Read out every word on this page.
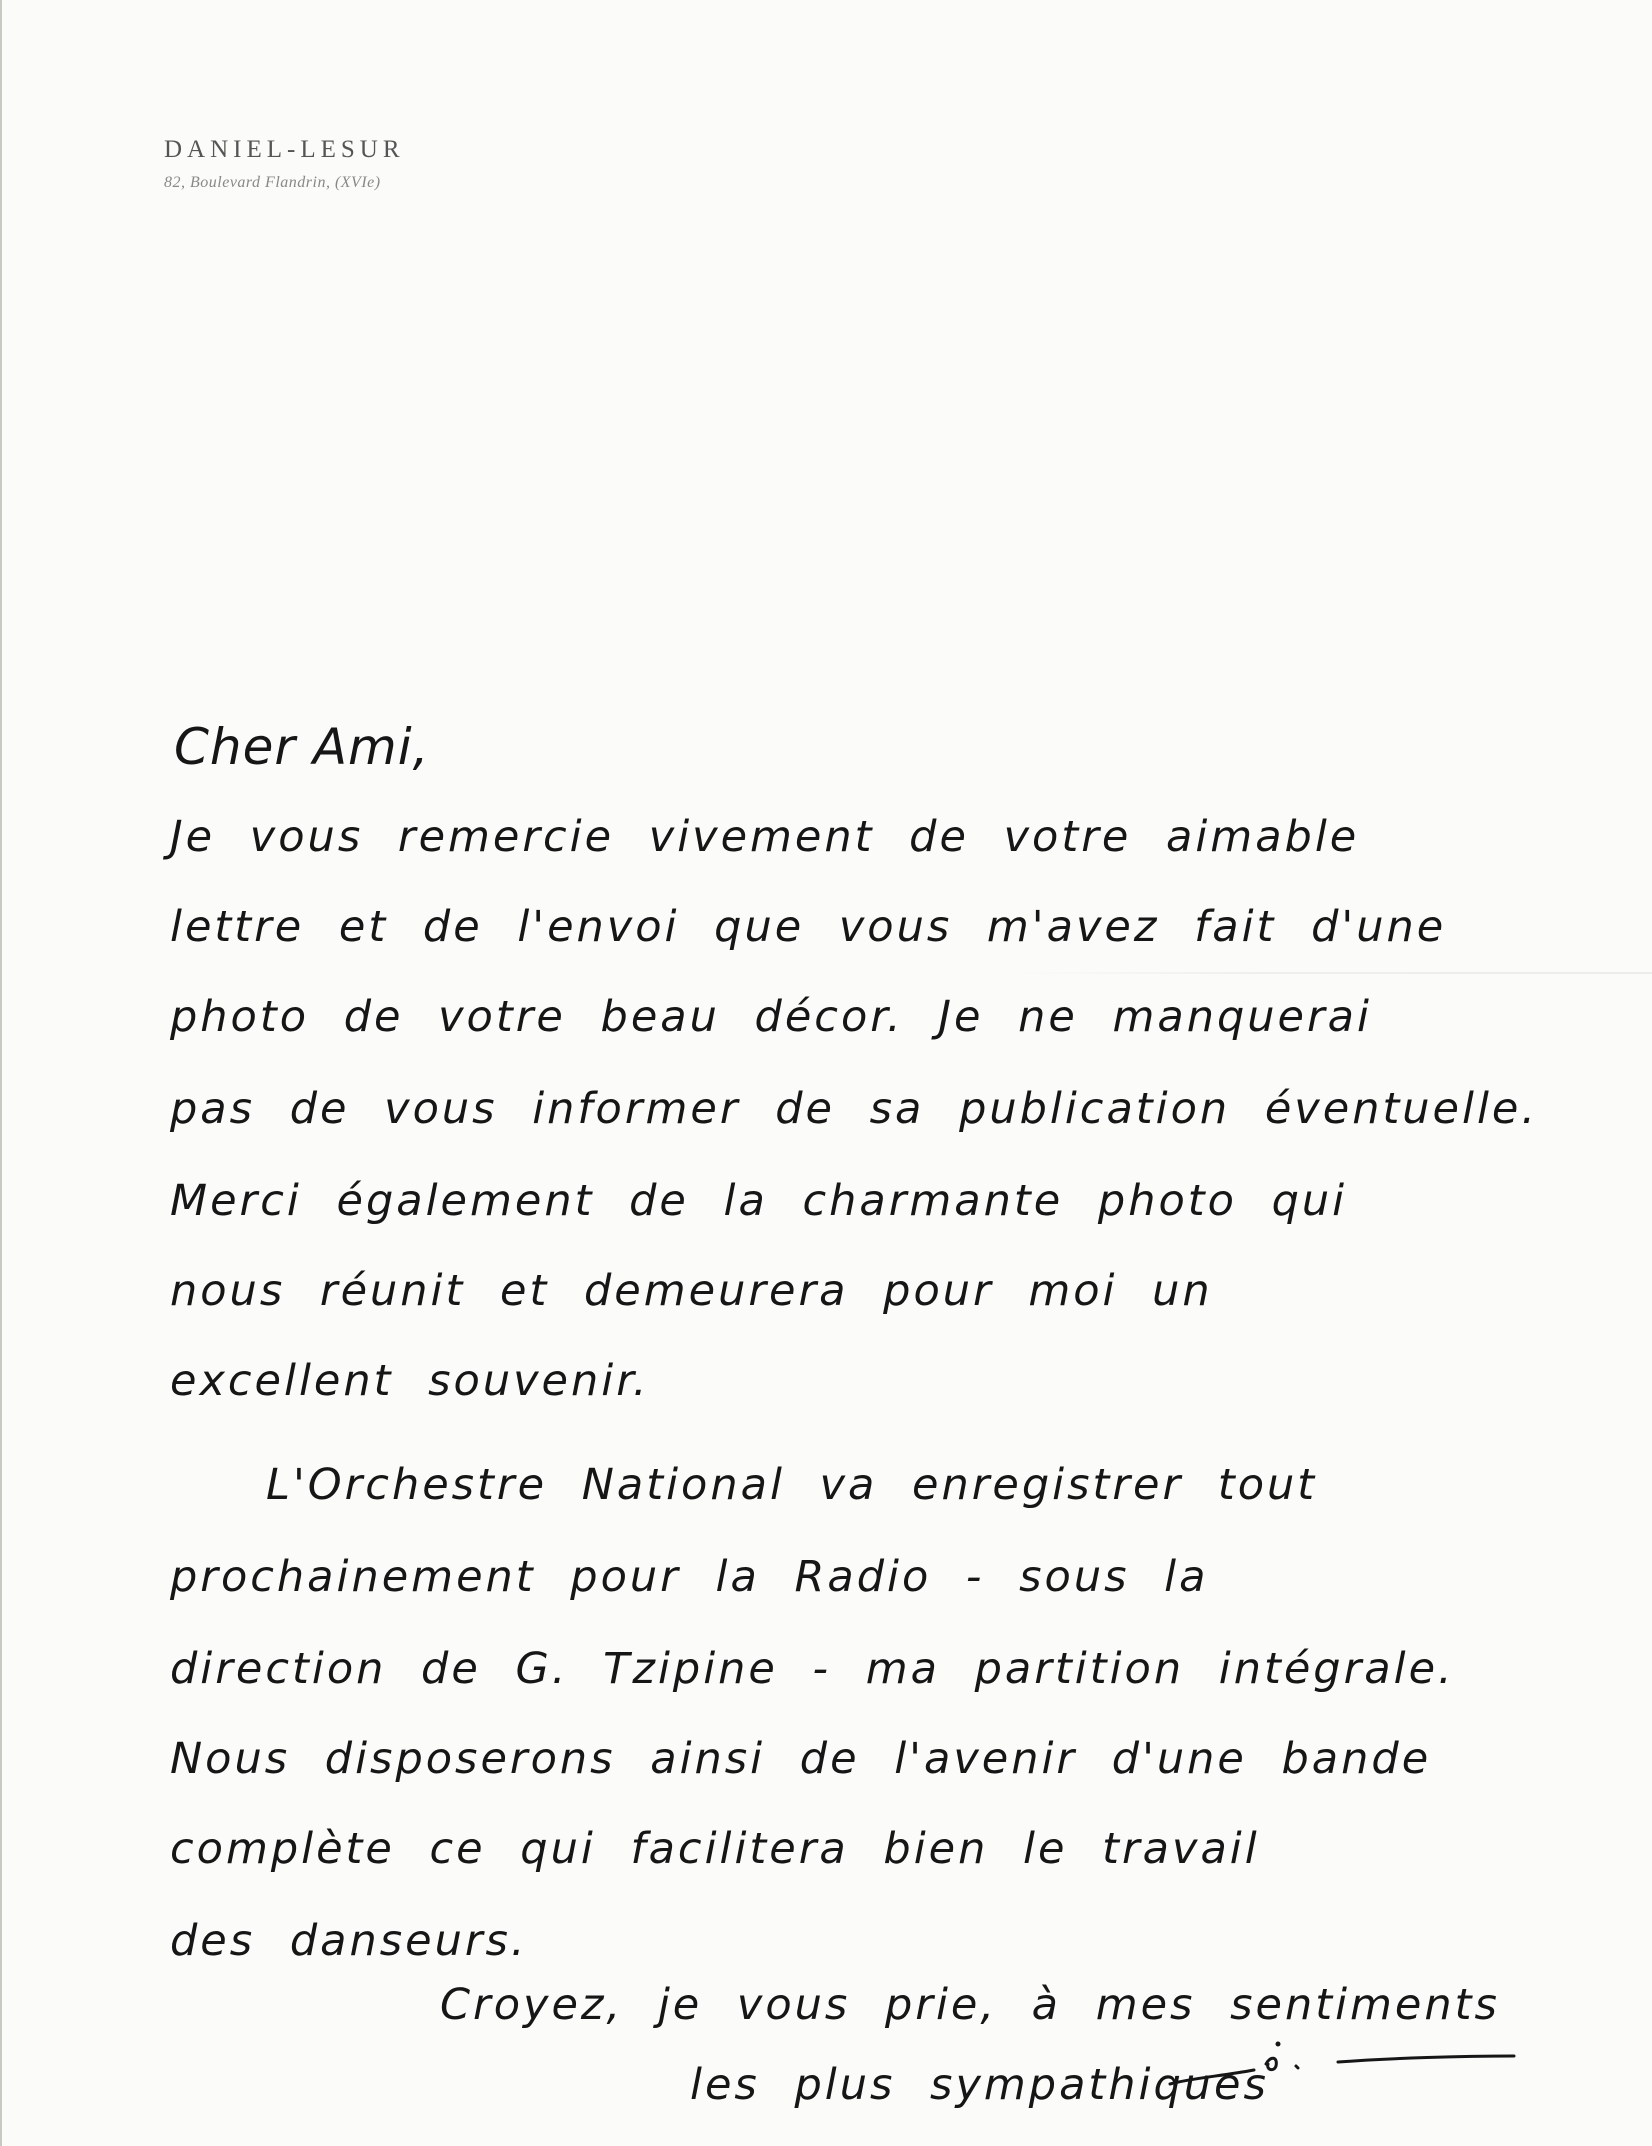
DANIEL-LESUR
82, Boulevard Flandrin, (XVIe)
Cher Ami,
Je vous remercie vivement de votre aimable
lettre et de l'envoi que vous m'avez fait d'une
photo de votre beau décor. Je ne manquerai
pas de vous informer de sa publication éventuelle.
Merci également de la charmante photo qui
nous réunit et demeurera pour moi un
excellent souvenir.
L'Orchestre National va enregistrer tout
prochainement pour la Radio - sous la
direction de G. Tzipine - ma partition intégrale.
Nous disposerons ainsi de l'avenir d'une bande
complète ce qui facilitera bien le travail
des danseurs.
Croyez, je vous prie, à mes sentiments
les plus sympathiques
